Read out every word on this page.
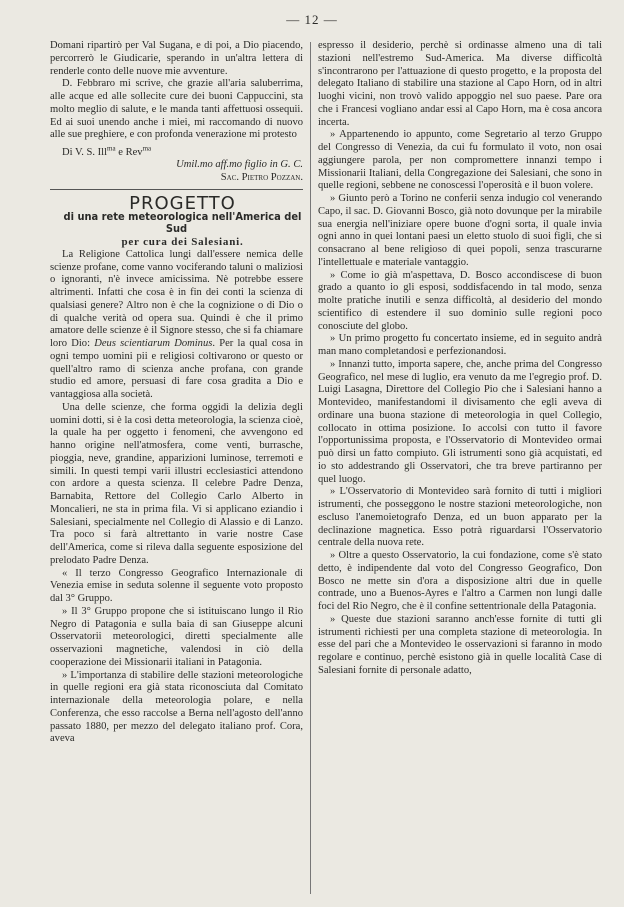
— 12 —

Domani ripartirò per Val Sugana, e di poi, a Dio piacendo, percorrerò le Giudicarie, sperando in un'altra lettera di renderle conto delle nuove mie avventure.

D. Febbraro mi scrive, che grazie all'aria saluberrima, alle acque ed alle sollecite cure dei buoni Cappuccini, sta molto meglio di salute, e le manda tanti affettuosi ossequii. Ed ai suoi unendo anche i miei, mi raccomando di nuovo alle sue preghiere, e con profonda venerazione mi protesto

Di V. S. Ill$^{ma}$ e Rev$^{ma}$

Umil.mo aff.mo figlio in G. C.

Sac. Pietro Pozzan.

PROGETTO

di una rete meteorologica nell'America del Sud

per cura dei Salesiani.

La Religione Cattolica lungi dall'essere nemica delle scienze profane, come vanno vociferando taluni o maliziosi o ignoranti, n'è invece amicissima. Nè potrebbe essere altrimenti. Infatti che cosa è in fin dei conti la scienza di qualsiasi genere? Altro non è che la cognizione o di Dio o di qualche verità od opera sua. Quindi è che il primo amatore delle scienze è il Signore stesso, che si fa chiamare loro Dio: Deus scientiarum Dominus. Per la qual cosa in ogni tempo uomini pii e religiosi coltivarono or questo or quell'altro ramo di scienza anche profana, con grande studio ed amore, persuasi di fare cosa gradita a Dio e vantaggiosa alla società.

Una delle scienze, che forma oggidì la delizia degli uomini dotti, si è la così detta meteorologia, la scienza cioè, la quale ha per oggetto i fenomeni, che avvengono ed hanno origine nell'atmosfera, come venti, burrasche, pioggia, neve, grandine, apparizioni luminose, terremoti e simili. In questi tempi varii illustri ecclesiastici attendono con ardore a questa scienza. Il celebre Padre Denza, Barnabita, Rettore del Collegio Carlo Alberto in Moncalieri, ne sta in prima fila. Vi si applicano eziandio i Salesiani, specialmente nel Collegio di Alassio e di Lanzo. Tra poco si farà altrettanto in varie nostre Case dell'America, come si rileva dalla seguente esposizione del prelodato Padre Denza.

« Il terzo Congresso Geografico Internazionale di Venezia emise in seduta solenne il seguente voto proposto dal 3° Gruppo.

» Il 3° Gruppo propone che si istituiscano lungo il Rio Negro di Patagonia e sulla baia di san Giuseppe alcuni Osservatorii meteorologici, diretti specialmente alle osservazioni magnetiche, valendosi in ciò della cooperazione dei Missionarii italiani in Patagonia.

» L'importanza di stabilire delle stazioni meteorologiche in quelle regioni era già stata riconosciuta dal Comitato internazionale della meteorologia polare, e nella Conferenza, che esso raccolse a Berna nell'agosto dell'anno passato 1880, per mezzo del delegato italiano prof. Cora, aveva

espresso il desiderio, perchè si ordinasse almeno una di tali stazioni nell'estremo Sud-America. Ma diverse difficoltà s'incontrarono per l'attuazione di questo progetto, e la proposta del delegato Italiano di stabilire una stazione al Capo Horn, od in altri luoghi vicini, non trovò valido appoggio nel suo paese. Pare ora che i Francesi vogliano andar essi al Capo Horn, ma è cosa ancora incerta.

» Appartenendo io appunto, come Segretario al terzo Gruppo del Congresso di Venezia, da cui fu formulato il voto, non osai aggiungere parola, per non compromettere innanzi tempo i Missionarii Italiani, della Congregazione dei Salesiani, che sono in quelle regioni, sebbene ne conoscessi l'operosità e il buon volere.

» Giunto però a Torino ne conferii senza indugio col venerando Capo, il sac. D. Giovanni Bosco, già noto dovunque per la mirabile sua energia nell'iniziare opere buone d'ogni sorta, il quale invia ogni anno in quei lontani paesi un eletto stuolo di suoi figli, che si consacrano al bene religioso di quei popoli, senza trascurarne l'intellettuale e materiale vantaggio.

» Come io già m'aspettava, D. Bosco accondiscese di buon grado a quanto io gli esposi, soddisfacendo in tal modo, senza molte pratiche inutili e senza difficoltà, al desiderio del mondo scientifico di estendere il suo dominio sulle regioni poco conosciute del globo.

» Un primo progetto fu concertato insieme, ed in seguito andrà man mano completandosi e perfezionandosi.

» Innanzi tutto, importa sapere, che, anche prima del Congresso Geografico, nel mese di luglio, era venuto da me l'egregio prof. D. Luigi Lasagna, Direttore del Collegio Pio che i Salesiani hanno a Montevideo, manifestandomi il divisamento che egli aveva di ordinare una buona stazione di meteorologia in quel Collegio, collocato in ottima posizione. Io accolsi con tutto il favore l'opportunissima proposta, e l'Osservatorio di Montevideo ormai può dirsi un fatto compiuto. Gli istrumenti sono già acquistati, ed io sto addestrando gli Osservatori, che tra breve partiranno per quel luogo.

» L'Osservatorio di Montevideo sarà fornito di tutti i migliori istrumenti, che posseggono le nostre stazioni meteorologiche, non escluso l'anemoietografo Denza, ed un buon apparato per la declinazione magnetica. Esso potrà riguardarsi l'Osservatorio centrale della nuova rete.

» Oltre a questo Osservatorio, la cui fondazione, come s'è stato detto, è indipendente dal voto del Congresso Geografico, Don Bosco ne mette sin d'ora a disposizione altri due in quelle contrade, uno a Buenos-Ayres e l'altro a Carmen non lungi dalle foci del Rio Negro, che è il confine settentrionale della Patagonia.

» Queste due stazioni saranno anch'esse fornite di tutti gli istrumenti richiesti per una completa stazione di meteorologia. In esse del pari che a Montevideo le osservazioni si faranno in modo regolare e continuo, perchè esistono già in quelle località Case di Salesiani fornite di personale adatto,
